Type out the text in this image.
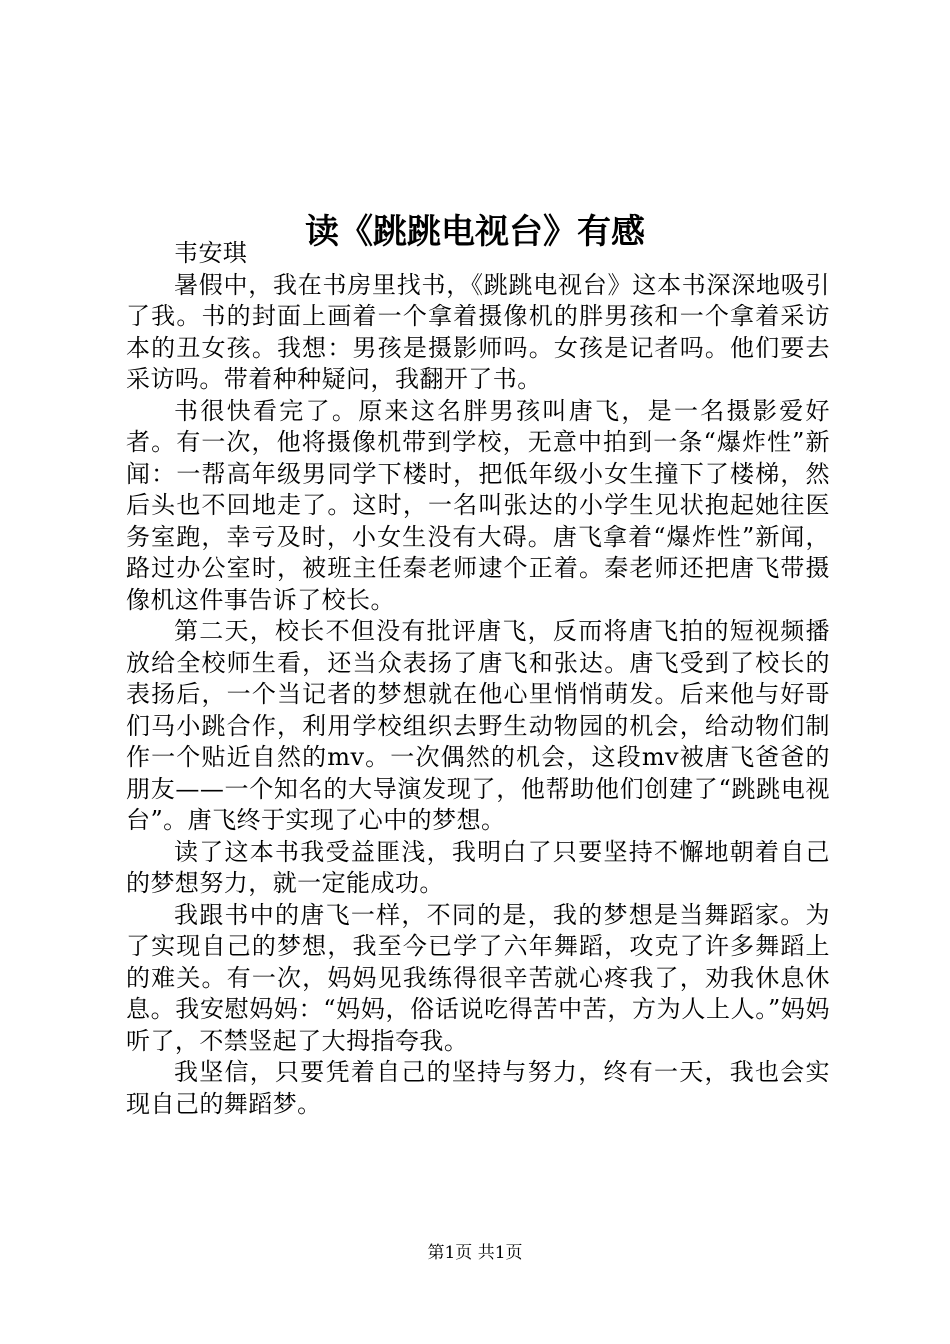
读《跳跳电视台》有感

韦安琪

暑假中，我在书房里找书，《跳跳电视台》这本书深深地吸引了我。书的封面上画着一个拿着摄像机的胖男孩和一个拿着采访本的丑女孩。我想：男孩是摄影师吗。女孩是记者吗。他们要去采访吗。带着种种疑问，我翻开了书。

书很快看完了。原来这名胖男孩叫唐飞，是一名摄影爱好者。有一次，他将摄像机带到学校，无意中拍到一条“爆炸性”新闻：一帮高年级男同学下楼时，把低年级小女生撞下了楼梯，然后头也不回地走了。这时，一名叫张达的小学生见状抱起她往医务室跑，幸亏及时，小女生没有大碍。唐飞拿着“爆炸性”新闻，路过办公室时，被班主任秦老师逮个正着。秦老师还把唐飞带摄像机这件事告诉了校长。

第二天，校长不但没有批评唐飞，反而将唐飞拍的短视频播放给全校师生看，还当众表扬了唐飞和张达。唐飞受到了校长的表扬后，一个当记者的梦想就在他心里悄悄萌发。后来他与好哥们马小跳合作，利用学校组织去野生动物园的机会，给动物们制作一个贴近自然的mv。一次偶然的机会，这段mv被唐飞爸爸的朋友——一个知名的大导演发现了，他帮助他们创建了“跳跳电视台”。唐飞终于实现了心中的梦想。

读了这本书我受益匪浅，我明白了只要坚持不懈地朝着自己的梦想努力，就一定能成功。

我跟书中的唐飞一样，不同的是，我的梦想是当舞蹈家。为了实现自己的梦想，我至今已学了六年舞蹈，攻克了许多舞蹈上的难关。有一次，妈妈见我练得很辛苦就心疼我了，劝我休息休息。我安慰妈妈：“妈妈，俗话说吃得苦中苦，方为人上人。”妈妈听了，不禁竖起了大拇指夸我。

我坚信，只要凭着自己的坚持与努力，终有一天，我也会实现自己的舞蹈梦。

第1页 共1页
